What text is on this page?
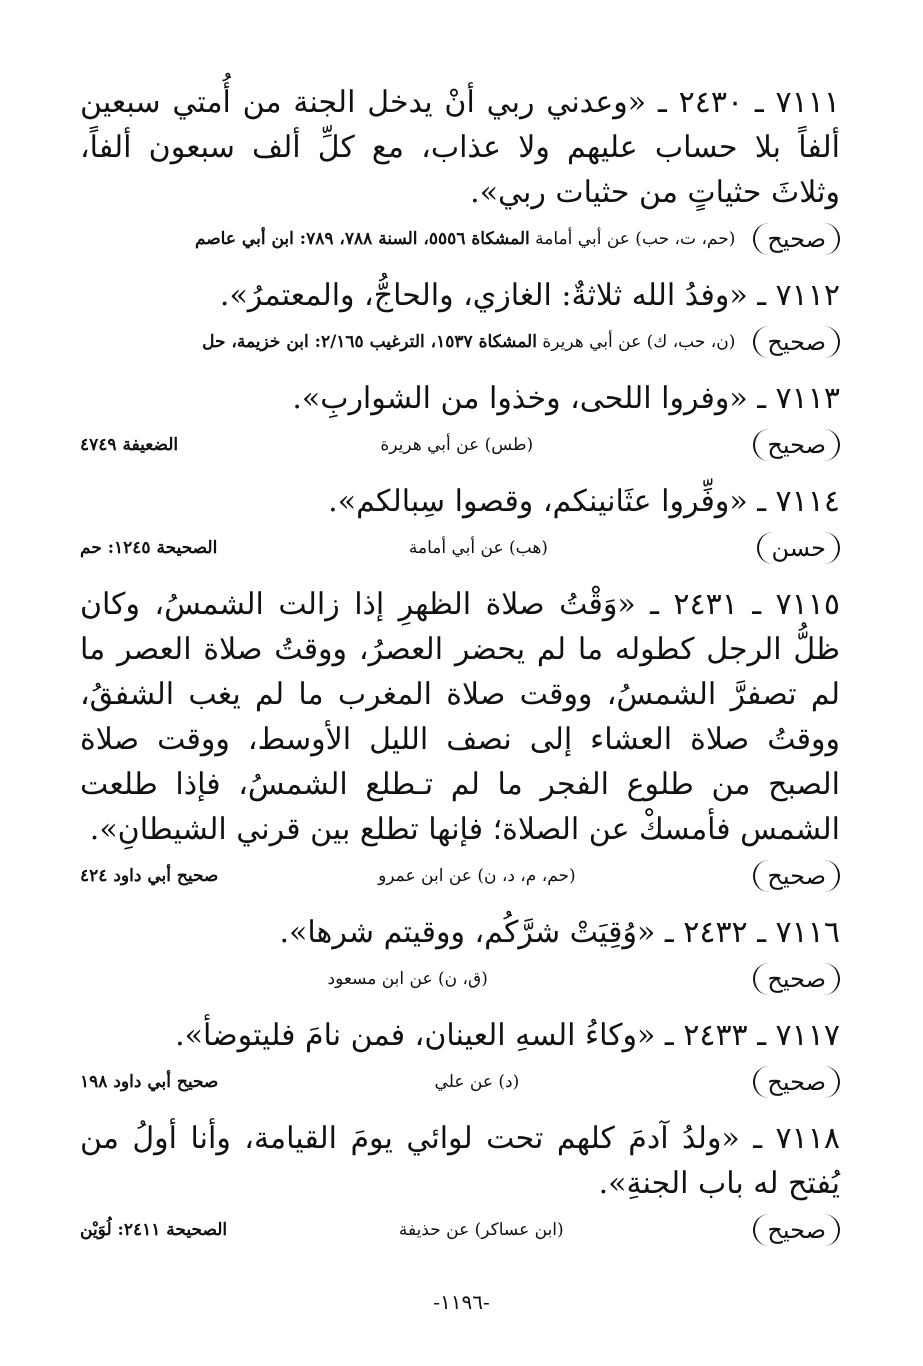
٧١١١ ـ ٢٤٣٠ ـ «وعدني ربي أنْ يدخل الجنة من أُمتي سبعين ألفاً بلا حساب عليهم ولا عذاب، مع كلِّ ألف سبعون ألفاً، وثلاثَ حثياتٍ من حثيات ربي».

صحيح
(حم، ت، حب) عن أبي أمامة المشكاة ٥٥٥٦، السنة ٧٨٨، ٧٨٩: ابن أبي عاصم

٧١١٢ ـ «وفدُ الله ثلاثةٌ: الغازي، والحاجُّ، والمعتمرُ».

صحيح
(ن، حب، ك) عن أبي هريرة المشكاة ١٥٣٧، الترغيب ٢/١٦٥: ابن خزيمة، حل

٧١١٣ ـ «وفروا اللحى، وخذوا من الشواربِ».

صحيح
(طس) عن أبي هريرة
الضعيفة ٤٧٤٩

٧١١٤ ـ «وفِّروا عثَانينكم، وقصوا سِبالكم».

حسن
(هب) عن أبي أمامة
الصحيحة ١٢٤٥: حم

٧١١٥ ـ ٢٤٣١ ـ «وَقْتُ صلاة الظهرِ إذا زالت الشمسُ، وكان ظلُّ الرجل كطوله ما لم يحضر العصرُ، ووقتُ صلاة العصر ما لم تصفرَّ الشمسُ، ووقت صلاة المغرب ما لم يغب الشفقُ، ووقتُ صلاة العشاء إلى نصف الليل الأوسط، ووقت صلاة الصبح من طلوع الفجر ما لم تـطلع الشمسُ، فإذا طلعت الشمس فأمسكْ عن الصلاة؛ فإنها تطلع بين قرني الشيطانِ».

صحيح
(حم، م، د، ن) عن ابن عمرو
صحيح أبي داود ٤٢٤

٧١١٦ ـ ٢٤٣٢ ـ «وُقِيَتْ شرَّكُم، ووقيتم شرها».

صحيح
(ق، ن) عن ابن مسعود

٧١١٧ ـ ٢٤٣٣ ـ «وكاءُ السهِ العينان، فمن نامَ فليتوضأ».

صحيح
(د) عن علي
صحيح أبي داود ١٩٨

٧١١٨ ـ «ولدُ آدمَ كلهم تحت لوائي يومَ القيامة، وأنا أولُ من يُفتح له باب الجنةِ».

صحيح
(ابن عساكر) عن حذيفة
الصحيحة ٢٤١١: لُوَيْن
-١١٩٦-
